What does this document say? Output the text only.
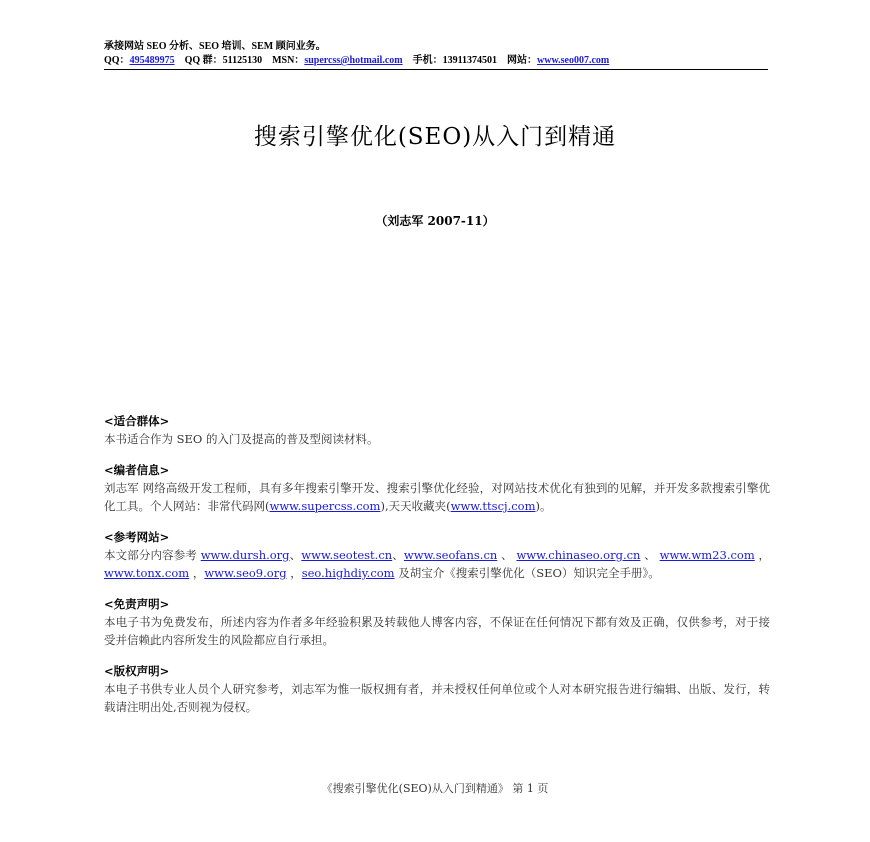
承接网站 SEO 分析、SEO 培训、SEM 顾问业务。
QQ：495489975 QQ 群：51125130 MSN：supercss@hotmail.com 手机：13911374501 网站：www.seo007.com
搜索引擎优化(SEO)从入门到精通
（刘志军 2007-11）
<适合群体>

本书适合作为 SEO 的入门及提高的普及型阅读材料。

<编者信息>

刘志军 网络高级开发工程师，具有多年搜索引擎开发、搜索引擎优化经验，对网站技术优化有独到的见解，并开发多款搜索引擎优化工具。个人网站：非常代码网(www.supercss.com),天天收藏夹(www.ttscj.com)。

<参考网站>

本文部分内容参考 www.dursh.org、www.seotest.cn、www.seofans.cn 、 www.chinaseo.org.cn 、 www.wm23.com ，www.tonx.com ，www.seo9.org ，seo.highdiy.com 及胡宝介《搜索引擎优化（SEO）知识完全手册》。

<免责声明>

本电子书为免费发布，所述内容为作者多年经验积累及转载他人博客内容，不保证在任何情况下都有效及正确，仅供参考，对于接受并信赖此内容所发生的风险都应自行承担。

<版权声明>

本电子书供专业人员个人研究参考，刘志军为惟一版权拥有者，并未授权任何单位或个人对本研究报告进行编辑、出版、发行，转载请注明出处,否则视为侵权。

《搜索引擎优化(SEO)从入门到精通》 第 1 页
